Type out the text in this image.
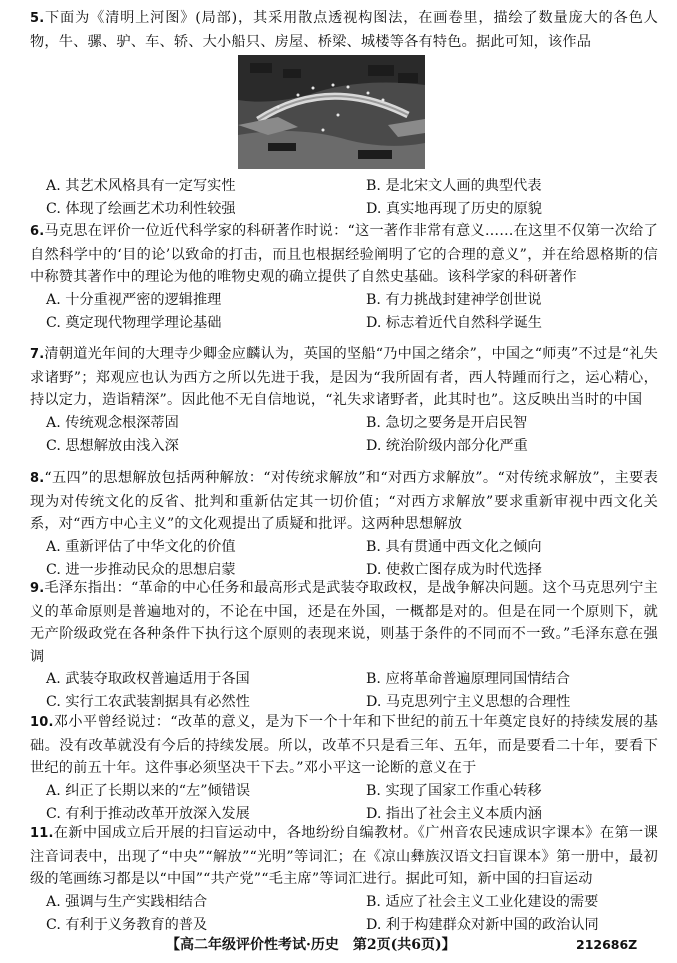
5.下面为《清明上河图》(局部)，其采用散点透视构图法，在画卷里，描绘了数量庞大的各色人物，牛、骡、驴、车、轿、大小船只、房屋、桥梁、城楼等各有特色。据此可知，该作品

A. 其艺术风格具有一定写实性	B. 是北宋文人画的典型代表
C. 体现了绘画艺术功利性较强	D. 真实地再现了历史的原貌

6.马克思在评价一位近代科学家的科研著作时说：“这一著作非常有意义……在这里不仅第一次给了自然科学中的‘目的论’以致命的打击，而且也根据经验阐明了它的合理的意义”，并在给恩格斯的信中称赞其著作中的理论为他的唯物史观的确立提供了自然史基础。该科学家的科研著作

A. 十分重视严密的逻辑推理	B. 有力挑战封建神学创世说
C. 奠定现代物理学理论基础	D. 标志着近代自然科学诞生

7.清朝道光年间的大理寺少卿金应麟认为，英国的坚船“乃中国之绪余”，中国之“师夷”不过是“礼失求诸野”；郑观应也认为西方之所以先进于我，是因为“我所固有者，西人特踵而行之，运心精心，持以定力，造诣精深”。因此他不无自信地说，“礼失求诸野者，此其时也”。这反映出当时的中国

A. 传统观念根深蒂固	B. 急切之要务是开启民智
C. 思想解放由浅入深	D. 统治阶级内部分化严重

8.“五四”的思想解放包括两种解放：“对传统求解放”和“对西方求解放”。“对传统求解放”，主要表现为对传统文化的反省、批判和重新估定其一切价值；“对西方求解放”要求重新审视中西文化关系，对“西方中心主义”的文化观提出了质疑和批评。这两种思想解放

A. 重新评估了中华文化的价值	B. 具有贯通中西文化之倾向
C. 进一步推动民众的思想启蒙	D. 使救亡图存成为时代选择

9.毛泽东指出：“革命的中心任务和最高形式是武装夺取政权，是战争解决问题。这个马克思列宁主义的革命原则是普遍地对的，不论在中国，还是在外国，一概都是对的。但是在同一个原则下，就无产阶级政党在各种条件下执行这个原则的表现来说，则基于条件的不同而不一致。”毛泽东意在强调

A. 武装夺取政权普遍适用于各国	B. 应将革命普遍原理同国情结合
C. 实行工农武装割据具有必然性	D. 马克思列宁主义思想的合理性

10.邓小平曾经说过：“改革的意义，是为下一个十年和下世纪的前五十年奠定良好的持续发展的基础。没有改革就没有今后的持续发展。所以，改革不只是看三年、五年，而是要看二十年，要看下世纪的前五十年。这件事必须坚决干下去。”邓小平这一论断的意义在于

A. 纠正了长期以来的“左”倾错误	B. 实现了国家工作重心转移
C. 有利于推动改革开放深入发展	D. 指出了社会主义本质内涵

11.在新中国成立后开展的扫盲运动中，各地纷纷自编教材。《广州音农民速成识字课本》在第一课注音词表中，出现了“中央”“解放”“光明”等词汇；在《凉山彝族汉语文扫盲课本》第一册中，最初级的笔画练习都是以“中国”“共产党”“毛主席”等词汇进行。据此可知，新中国的扫盲运动

A. 强调与生产实践相结合	B. 适应了社会主义工业化建设的需要
C. 有利于义务教育的普及	D. 利于构建群众对新中国的政治认同
【高二年级评价性考试·历史　第2页(共6页)】	212686Z
